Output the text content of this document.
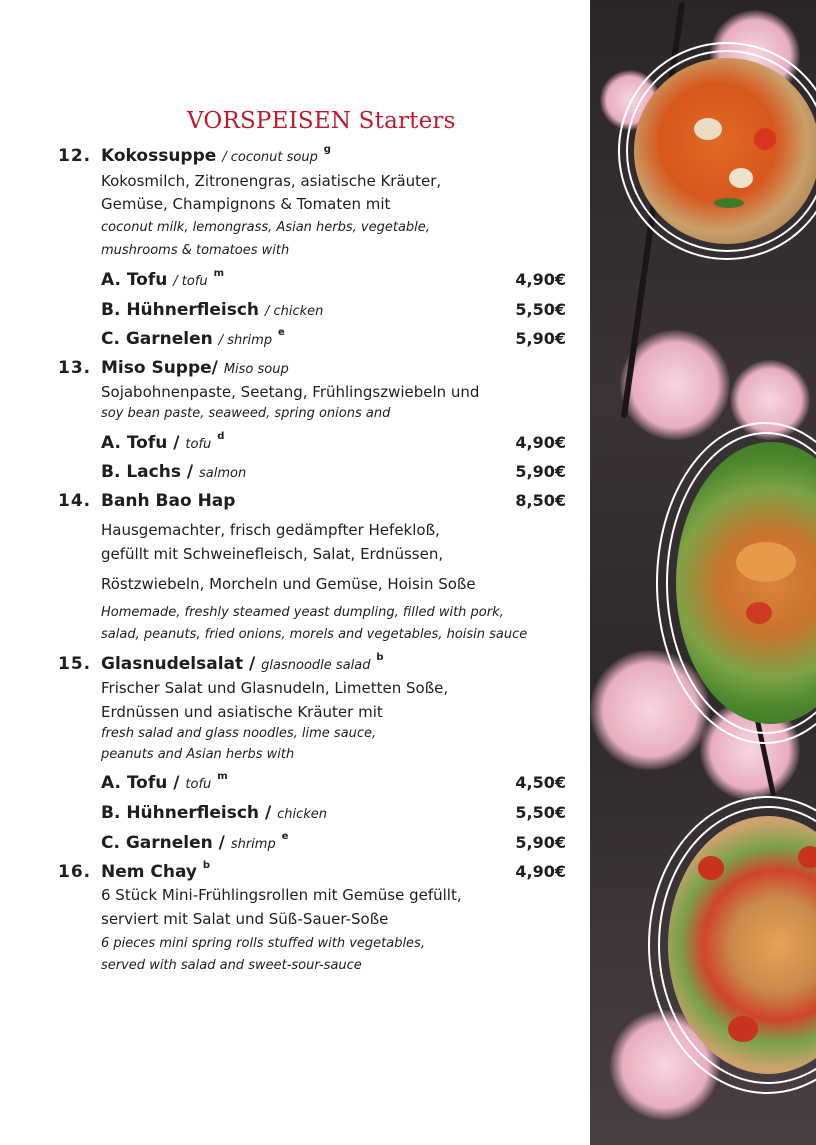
VORSPEISEN Starters
12. Kokossuppe / coconut soup $^g$
Kokosmilch, Zitronengras, asiatische Kräuter,
Gemüse, Champignons & Tomaten mit
coconut milk, lemongrass, Asian herbs, vegetable,
mushrooms & tomatoes with
A. Tofu / tofu $^m$	4,90€
B. Hühnerfleisch / chicken	5,50€
C. Garnelen / shrimp $^e$	5,90€
13. Miso Suppe/ Miso soup
Sojabohnenpaste, Seetang, Frühlingszwiebeln und
soy bean paste, seaweed, spring onions and
A. Tofu / tofu $^d$	4,90€
B. Lachs / salmon	5,90€
14. Banh Bao Hap	8,50€
Hausgemachter, frisch gedämpfter Hefekloß,
gefüllt mit Schweinefleisch, Salat, Erdnüssen,
Röstzwiebeln, Morcheln und Gemüse, Hoisin Soße
Homemade, freshly steamed yeast dumpling, filled with pork,
salad, peanuts, fried onions, morels and vegetables, hoisin sauce
15. Glasnudelsalat / glasnoodle salad $^b$
Frischer Salat und Glasnudeln, Limetten Soße,
Erdnüssen und asiatische Kräuter mit
fresh salad and glass noodles, lime sauce,
peanuts and Asian herbs with
A. Tofu / tofu $^m$	4,50€
B. Hühnerfleisch / chicken	5,50€
C. Garnelen / shrimp $^e$	5,90€
16. Nem Chay $^b$	4,90€
6 Stück Mini-Frühlingsrollen mit Gemüse gefüllt,
serviert mit Salat und Süß-Sauer-Soße
6 pieces mini spring rolls stuffed with vegetables,
served with salad and sweet-sour-sauce
